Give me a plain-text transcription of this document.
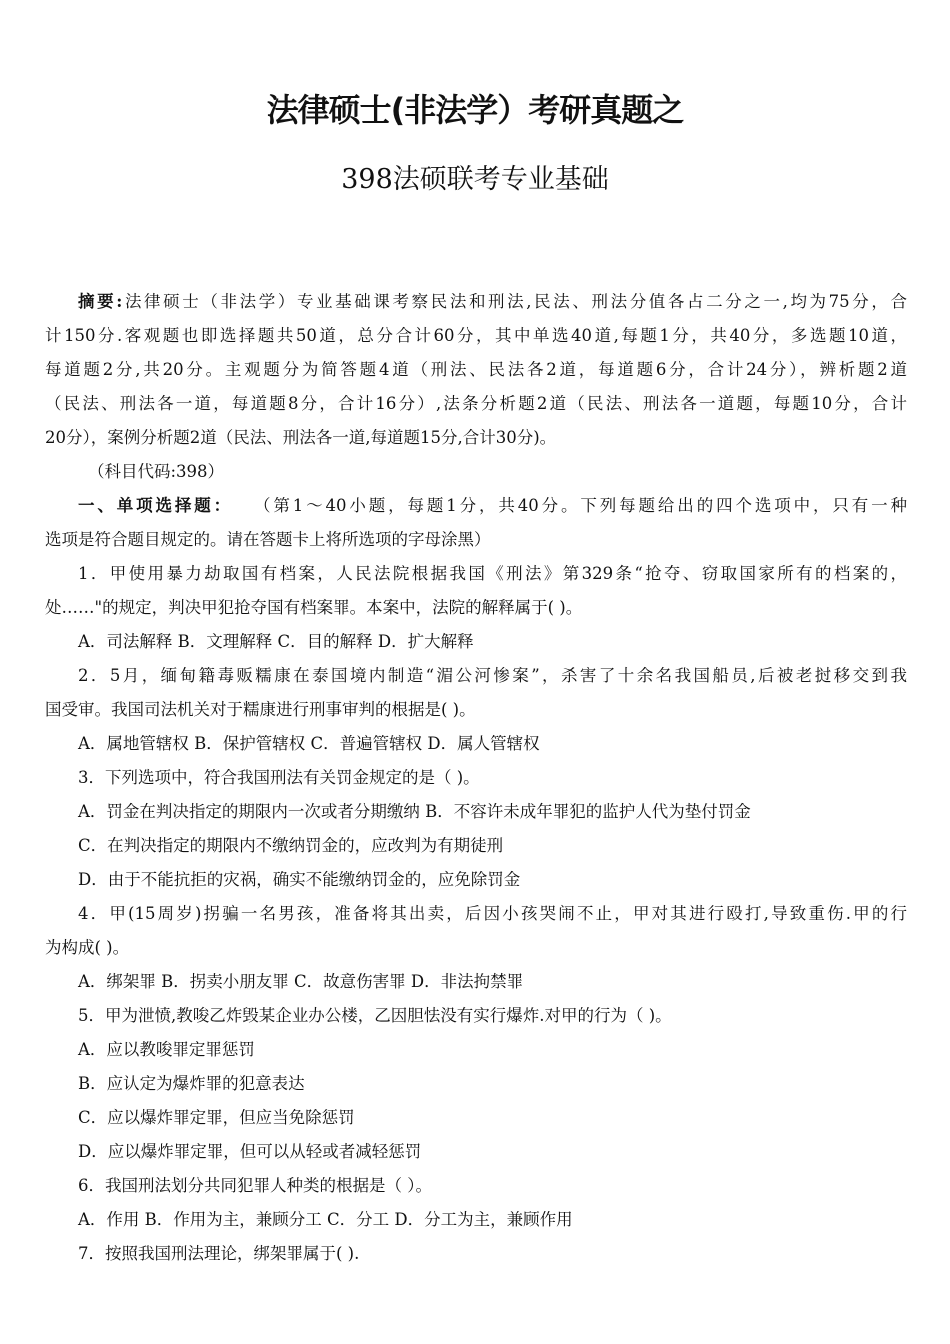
法律硕士(非法学）考研真题之
398法硕联考专业基础

摘要:法律硕士（非法学）专业基础课考察民法和刑法,民法、刑法分值各占二分之一,均为75分，合

计150分.客观题也即选择题共50道，总分合计60分，其中单选40道,每题1分，共40分，多选题10道，

每道题2分,共20分。主观题分为简答题4道（刑法、民法各2道，每道题6分，合计24分），辨析题2道

（民法、刑法各一道，每道题8分，合计16分）,法条分析题2道（民法、刑法各一道题，每题10分，合计

20分），案例分析题2道（民法、刑法各一道,每道题15分,合计30分)。

（科目代码:398）

一、单项选择题： （第1～40小题，每题1分，共40分。下列每题给出的四个选项中，只有一种

选项是符合题目规定的。请在答题卡上将所选项的字母涂黑）

1．甲使用暴力劫取国有档案，人民法院根据我国《刑法》第329条“抢夺、窃取国家所有的档案的，

处……"的规定，判决甲犯抢夺国有档案罪。本案中，法院的解释属于( )。

A．司法解释 B．文理解释 C．目的解释 D．扩大解释

2．5月，缅甸籍毒贩糯康在泰国境内制造“湄公河惨案”，杀害了十余名我国船员,后被老挝移交到我

国受审。我国司法机关对于糯康进行刑事审判的根据是( )。

A．属地管辖权 B．保护管辖权 C．普遍管辖权 D．属人管辖权

3．下列选项中，符合我国刑法有关罚金规定的是（ )。

A．罚金在判决指定的期限内一次或者分期缴纳 B．不容许未成年罪犯的监护人代为垫付罚金

C．在判决指定的期限内不缴纳罚金的，应改判为有期徒刑

D．由于不能抗拒的灾祸，确实不能缴纳罚金的，应免除罚金

4．甲(15周岁)拐骗一名男孩，准备将其出卖，后因小孩哭闹不止，甲对其进行殴打,导致重伤.甲的行

为构成( )。

A．绑架罪 B．拐卖小朋友罪 C．故意伤害罪 D．非法拘禁罪

5．甲为泄愤,教唆乙炸毁某企业办公楼，乙因胆怯没有实行爆炸.对甲的行为（ )。

A．应以教唆罪定罪惩罚

B．应认定为爆炸罪的犯意表达

C．应以爆炸罪定罪，但应当免除惩罚

D．应以爆炸罪定罪，但可以从轻或者减轻惩罚

6．我国刑法划分共同犯罪人种类的根据是（ ）。

A．作用 B．作用为主，兼顾分工 C．分工 D．分工为主，兼顾作用

7．按照我国刑法理论，绑架罪属于( ).
